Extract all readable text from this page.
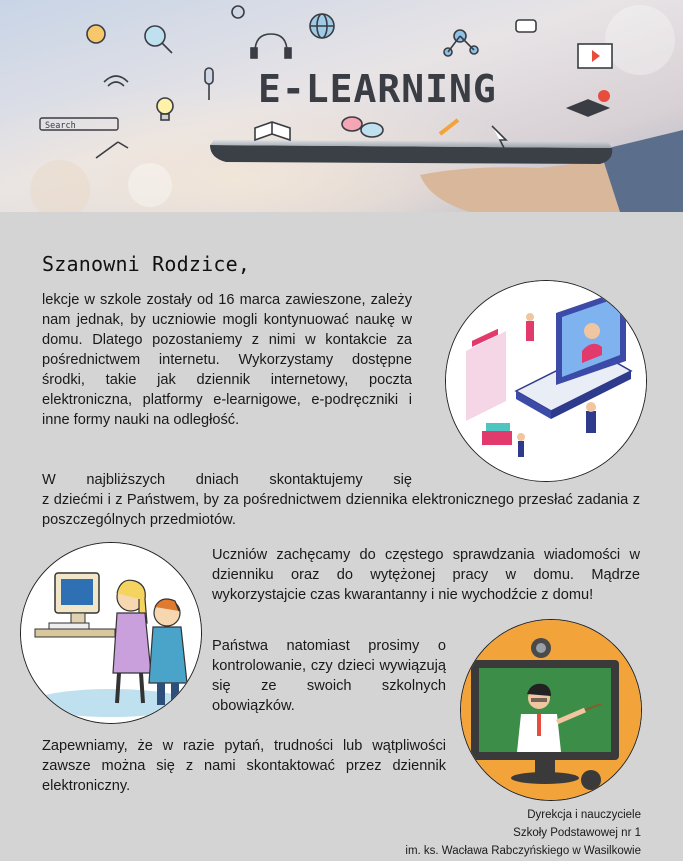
E-LEARNING
Search
Szanowni Rodzice,

lekcje w szkole zostały od 16 marca zawieszone, zależy nam jednak, by uczniowie mogli kontynuować naukę w domu. Dlatego pozostaniemy z nimi w kontakcie za pośrednictwem internetu. Wykorzystamy dostępne środki, takie jak dziennik internetowy, poczta elektroniczna, platformy e-learnigowe, e-podręczniki i inne formy nauki na odległość.

W najbliższych dniach skontaktujemy się

z dziećmi i z Państwem, by za pośrednictwem dziennika elektronicznego przesłać zadania z poszczególnych przedmiotów.

Uczniów zachęcamy do częstego sprawdzania wiadomości w dzienniku oraz do wytężonej pracy w domu. Mądrze wykorzystajcie czas kwarantanny i nie wychodźcie z domu!

Państwa natomiast prosimy o kontrolowanie, czy dzieci wywiązują się ze swoich szkolnych obowiązków.

Zapewniamy, że w razie pytań, trudności lub wątpliwości zawsze można się z nami skontaktować przez dziennik elektroniczny.

Dyrekcja i nauczyciele
Szkoły Podstawowej nr 1
im. ks. Wacława Rabczyńskiego w Wasilkowie
